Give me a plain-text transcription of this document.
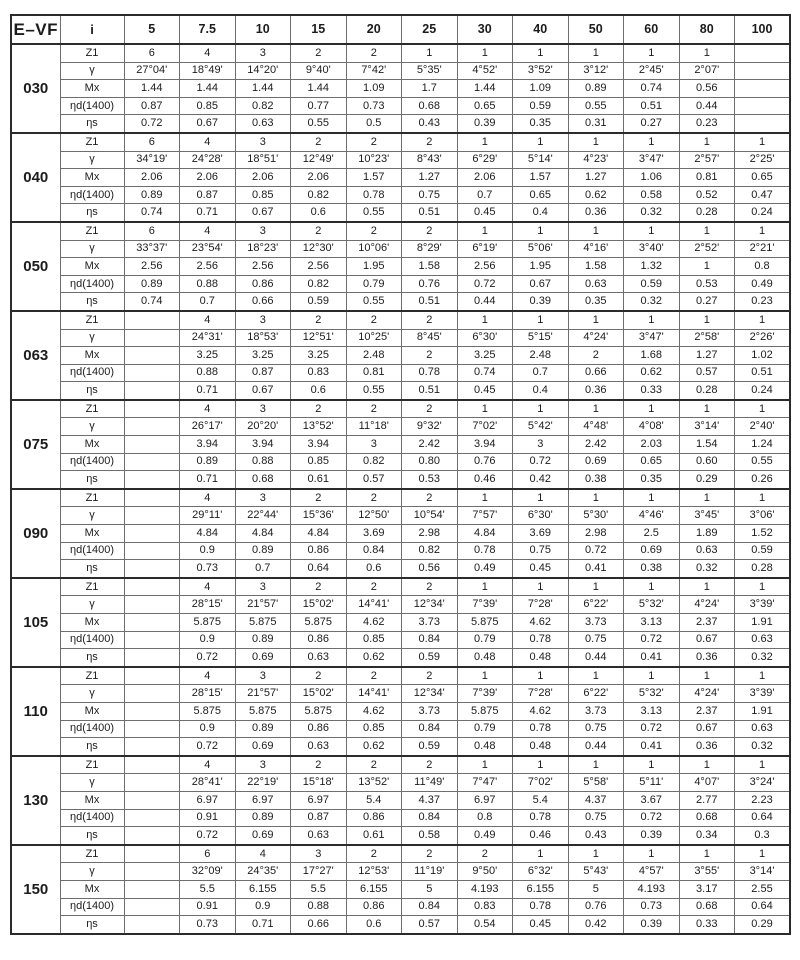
E–VF	i	5	7.5	10	15	20	25	30	40	50	60	80	100
030	Z1	6	4	3	2	2	1	1	1	1	1	1	
	γ	27°04'	18°49'	14°20'	9°40'	7°42'	5°35'	4°52'	3°52'	3°12'	2°45'	2°07'	
	Mx	1.44	1.44	1.44	1.44	1.09	1.7	1.44	1.09	0.89	0.74	0.56	
	ηd(1400)	0.87	0.85	0.82	0.77	0.73	0.68	0.65	0.59	0.55	0.51	0.44	
	ηs	0.72	0.67	0.63	0.55	0.5	0.43	0.39	0.35	0.31	0.27	0.23	
040	Z1	6	4	3	2	2	2	1	1	1	1	1	1
	γ	34°19'	24°28'	18°51'	12°49'	10°23'	8°43'	6°29'	5°14'	4°23'	3°47'	2°57'	2°25'
	Mx	2.06	2.06	2.06	2.06	1.57	1.27	2.06	1.57	1.27	1.06	0.81	0.65
	ηd(1400)	0.89	0.87	0.85	0.82	0.78	0.75	0.7	0.65	0.62	0.58	0.52	0.47
	ηs	0.74	0.71	0.67	0.6	0.55	0.51	0.45	0.4	0.36	0.32	0.28	0.24
050	Z1	6	4	3	2	2	2	1	1	1	1	1	1
	γ	33°37'	23°54'	18°23'	12°30'	10°06'	8°29'	6°19'	5°06'	4°16'	3°40'	2°52'	2°21'
	Mx	2.56	2.56	2.56	2.56	1.95	1.58	2.56	1.95	1.58	1.32	1	0.8
	ηd(1400)	0.89	0.88	0.86	0.82	0.79	0.76	0.72	0.67	0.63	0.59	0.53	0.49
	ηs	0.74	0.7	0.66	0.59	0.55	0.51	0.44	0.39	0.35	0.32	0.27	0.23
063	Z1		4	3	2	2	2	1	1	1	1	1	1
	γ		24°31'	18°53'	12°51'	10°25'	8°45'	6°30'	5°15'	4°24'	3°47'	2°58'	2°26'
	Mx		3.25	3.25	3.25	2.48	2	3.25	2.48	2	1.68	1.27	1.02
	ηd(1400)		0.88	0.87	0.83	0.81	0.78	0.74	0.7	0.66	0.62	0.57	0.51
	ηs		0.71	0.67	0.6	0.55	0.51	0.45	0.4	0.36	0.33	0.28	0.24
075	Z1		4	3	2	2	2	1	1	1	1	1	1
	γ		26°17'	20°20'	13°52'	11°18'	9°32'	7°02'	5°42'	4°48'	4°08'	3°14'	2°40'
	Mx		3.94	3.94	3.94	3	2.42	3.94	3	2.42	2.03	1.54	1.24
	ηd(1400)		0.89	0.88	0.85	0.82	0.80	0.76	0.72	0.69	0.65	0.60	0.55
	ηs		0.71	0.68	0.61	0.57	0.53	0.46	0.42	0.38	0.35	0.29	0.26
090	Z1		4	3	2	2	2	1	1	1	1	1	1
	γ		29°11'	22°44'	15°36'	12°50'	10°54'	7°57'	6°30'	5°30'	4°46'	3°45'	3°06'
	Mx		4.84	4.84	4.84	3.69	2.98	4.84	3.69	2.98	2.5	1.89	1.52
	ηd(1400)		0.9	0.89	0.86	0.84	0.82	0.78	0.75	0.72	0.69	0.63	0.59
	ηs		0.73	0.7	0.64	0.6	0.56	0.49	0.45	0.41	0.38	0.32	0.28
105	Z1		4	3	2	2	2	1	1	1	1	1	1
	γ		28°15'	21°57'	15°02'	14°41'	12°34'	7°39'	7°28'	6°22'	5°32'	4°24'	3°39'
	Mx		5.875	5.875	5.875	4.62	3.73	5.875	4.62	3.73	3.13	2.37	1.91
	ηd(1400)		0.9	0.89	0.86	0.85	0.84	0.79	0.78	0.75	0.72	0.67	0.63
	ηs		0.72	0.69	0.63	0.62	0.59	0.48	0.48	0.44	0.41	0.36	0.32
110	Z1		4	3	2	2	2	1	1	1	1	1	1
	γ		28°15'	21°57'	15°02'	14°41'	12°34'	7°39'	7°28'	6°22'	5°32'	4°24'	3°39'
	Mx		5.875	5.875	5.875	4.62	3.73	5.875	4.62	3.73	3.13	2.37	1.91
	ηd(1400)		0.9	0.89	0.86	0.85	0.84	0.79	0.78	0.75	0.72	0.67	0.63
	ηs		0.72	0.69	0.63	0.62	0.59	0.48	0.48	0.44	0.41	0.36	0.32
130	Z1		4	3	2	2	2	1	1	1	1	1	1
	γ		28°41'	22°19'	15°18'	13°52'	11°49'	7°47'	7°02'	5°58'	5°11'	4°07'	3°24'
	Mx		6.97	6.97	6.97	5.4	4.37	6.97	5.4	4.37	3.67	2.77	2.23
	ηd(1400)		0.91	0.89	0.87	0.86	0.84	0.8	0.78	0.75	0.72	0.68	0.64
	ηs		0.72	0.69	0.63	0.61	0.58	0.49	0.46	0.43	0.39	0.34	0.3
150	Z1		6	4	3	2	2	2	1	1	1	1	1
	γ		32°09'	24°35'	17°27'	12°53'	11°19'	9°50'	6°32'	5°43'	4°57'	3°55'	3°14'
	Mx		5.5	6.155	5.5	6.155	5	4.193	6.155	5	4.193	3.17	2.55
	ηd(1400)		0.91	0.9	0.88	0.86	0.84	0.83	0.78	0.76	0.73	0.68	0.64
	ηs		0.73	0.71	0.66	0.6	0.57	0.54	0.45	0.42	0.39	0.33	0.29
